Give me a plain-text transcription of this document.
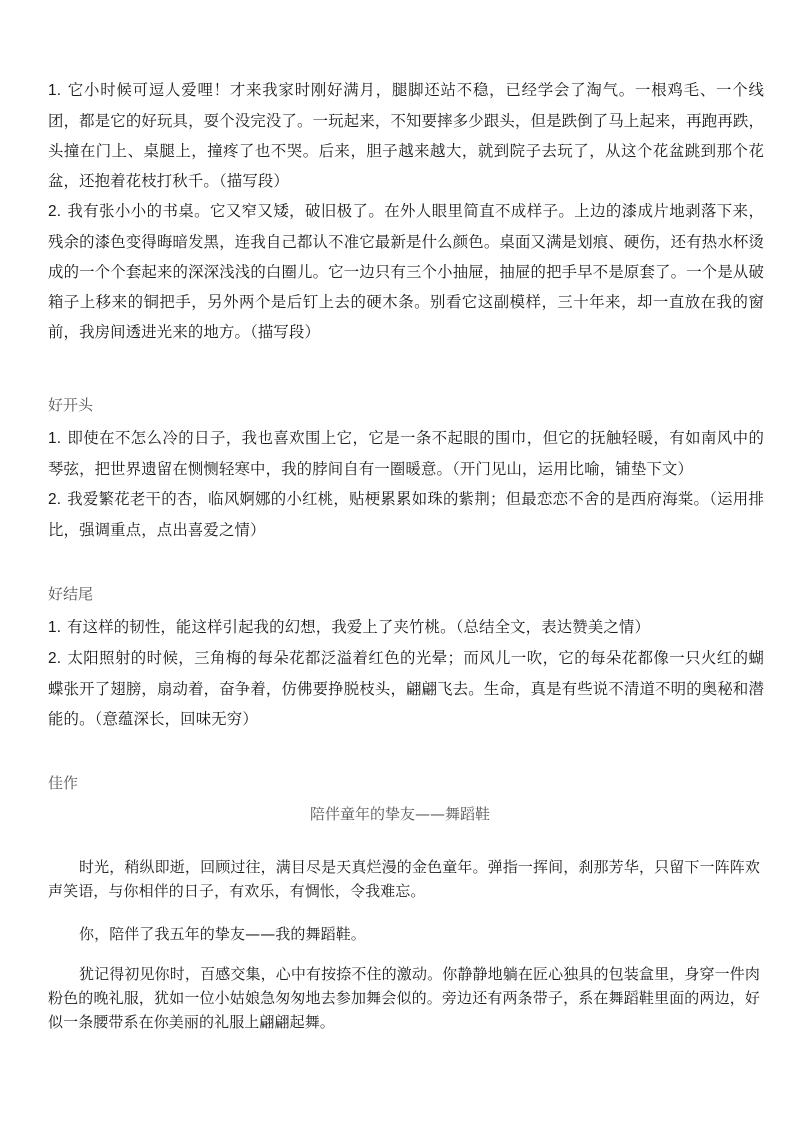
1. 它小时候可逗人爱哩！才来我家时刚好满月，腿脚还站不稳，已经学会了淘气。一根鸡毛、一个线团，都是它的好玩具，耍个没完没了。一玩起来，不知要摔多少跟头，但是跌倒了马上起来，再跑再跌，头撞在门上、桌腿上，撞疼了也不哭。后来，胆子越来越大，就到院子去玩了，从这个花盆跳到那个花盆，还抱着花枝打秋千。（描写段）
2. 我有张小小的书桌。它又窄又矮，破旧极了。在外人眼里简直不成样子。上边的漆成片地剥落下来，残余的漆色变得晦暗发黑，连我自己都认不准它最新是什么颜色。桌面又满是划痕、硬伤，还有热水杯烫成的一个个套起来的深深浅浅的白圈儿。它一边只有三个小抽屉，抽屉的把手早不是原套了。一个是从破箱子上移来的铜把手，另外两个是后钉上去的硬木条。别看它这副模样，三十年来，却一直放在我的窗前，我房间透进光来的地方。（描写段）
好开头
1. 即使在不怎么冷的日子，我也喜欢围上它，它是一条不起眼的围巾，但它的抚触轻暖，有如南风中的琴弦，把世界遗留在恻恻轻寒中，我的脖间自有一圈暖意。（开门见山，运用比喻，铺垫下文）
2. 我爱繁花老干的杏，临风婀娜的小红桃，贴梗累累如珠的紫荆；但最恋恋不舍的是西府海棠。（运用排比，强调重点，点出喜爱之情）
好结尾
1. 有这样的韧性，能这样引起我的幻想，我爱上了夹竹桃。（总结全文，表达赞美之情）
2. 太阳照射的时候，三角梅的每朵花都泛溢着红色的光晕；而风儿一吹，它的每朵花都像一只火红的蝴蝶张开了翅膀，扇动着，奋争着，仿佛要挣脱枝头，翩翩飞去。生命，真是有些说不清道不明的奥秘和潜能的。（意蕴深长，回味无穷）
佳作
陪伴童年的挚友——舞蹈鞋
时光，稍纵即逝，回顾过往，满目尽是天真烂漫的金色童年。弹指一挥间，刹那芳华，只留下一阵阵欢声笑语，与你相伴的日子，有欢乐，有惆怅，令我难忘。
你，陪伴了我五年的挚友——我的舞蹈鞋。
犹记得初见你时，百感交集，心中有按捺不住的激动。你静静地躺在匠心独具的包装盒里，身穿一件肉粉色的晚礼服，犹如一位小姑娘急匆匆地去参加舞会似的。旁边还有两条带子，系在舞蹈鞋里面的两边，好似一条腰带系在你美丽的礼服上翩翩起舞。
